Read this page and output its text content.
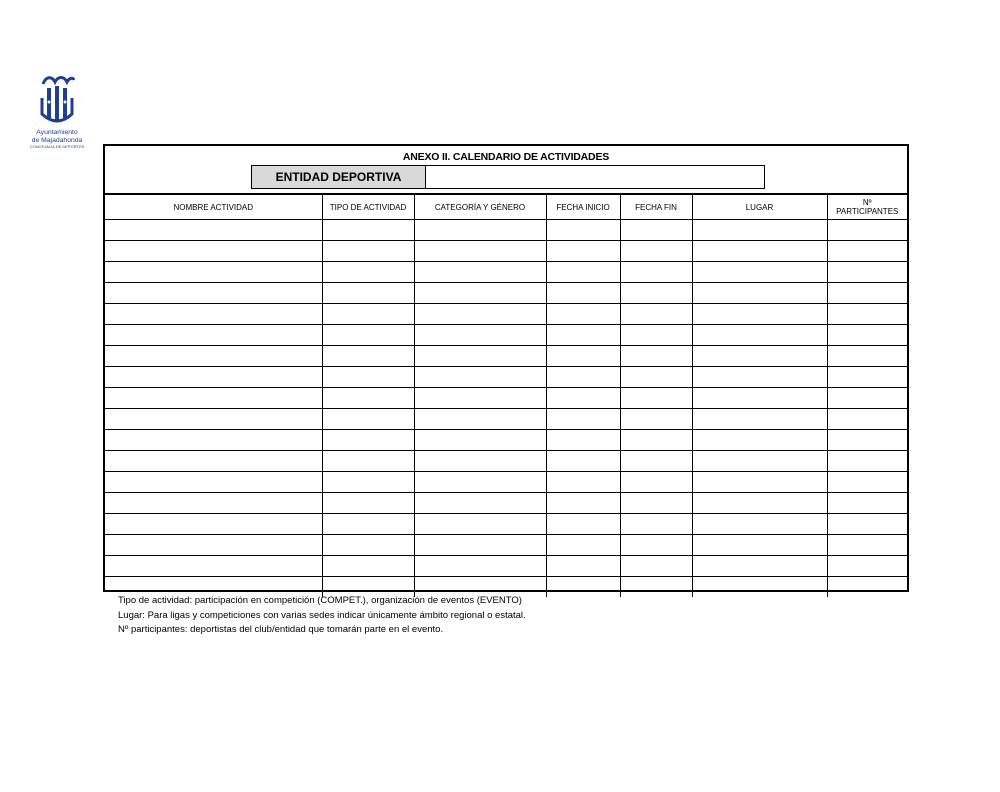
Ayuntamiento
de Majadahonda
CONCEJALÍA DE DEPORTES
ANEXO II. CALENDARIO DE ACTIVIDADES
ENTIDAD DEPORTIVA
NOMBRE ACTIVIDAD	TIPO DE ACTIVIDAD	CATEGORÍA Y GÉNERO	FECHA INICIO	FECHA FIN	LUGAR	Nº PARTICIPANTES

Tipo de actividad: participación en competición (COMPET.), organización de eventos (EVENTO)
Lugar: Para ligas y competiciones con varias sedes indicar únicamente ámbito regional o estatal.
Nº participantes: deportistas del club/entidad que tomarán parte en el evento.
